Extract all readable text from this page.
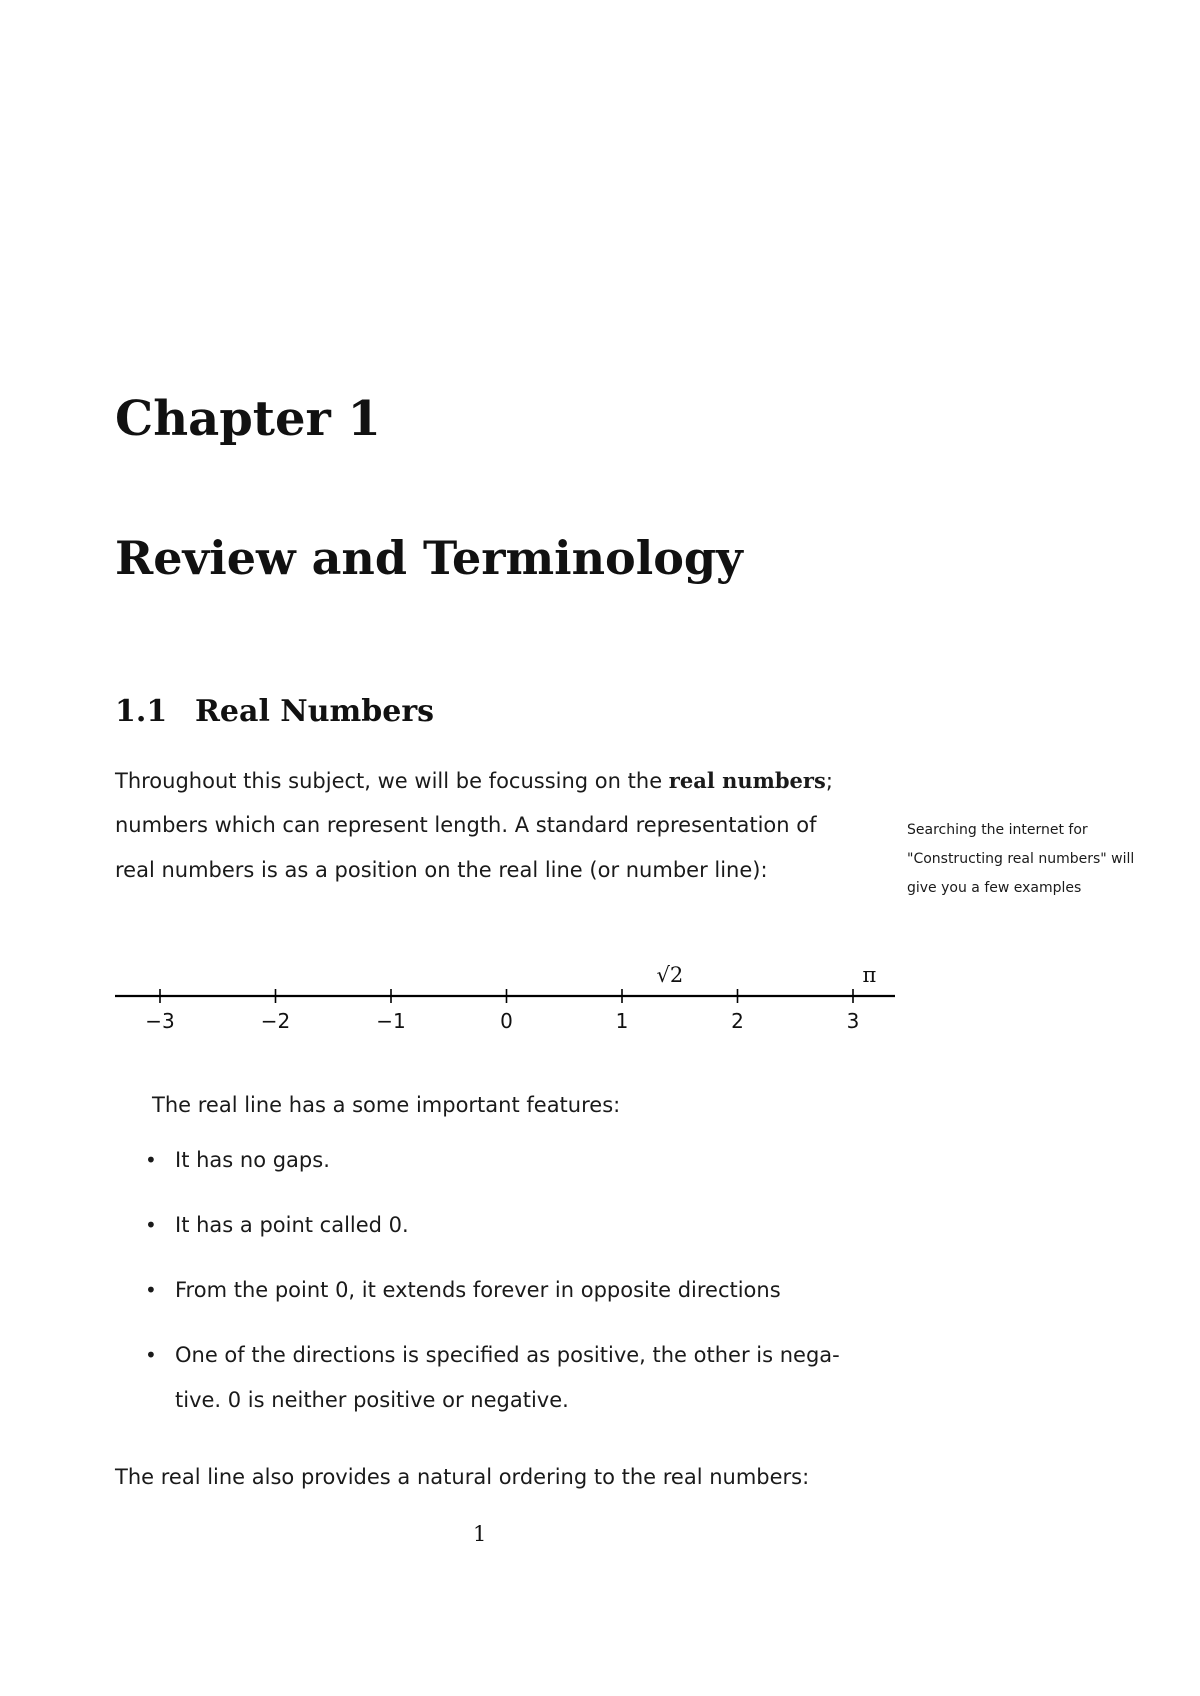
Chapter 1
Review and Terminology
1.1 Real Numbers
Throughout this subject, we will be focussing on the real numbers;
numbers which can represent length. A standard representation of
real numbers is as a position on the real line (or number line):
Searching the internet for
"Constructing real numbers" will
give you a few examples
−3	−2	−1	0	1	2	3
√2	π
The real line has a some important features:
• It has no gaps.
• It has a point called 0.
• From the point 0, it extends forever in opposite directions
• One of the directions is specified as positive, the other is nega-
tive. 0 is neither positive or negative.
The real line also provides a natural ordering to the real numbers:
1
